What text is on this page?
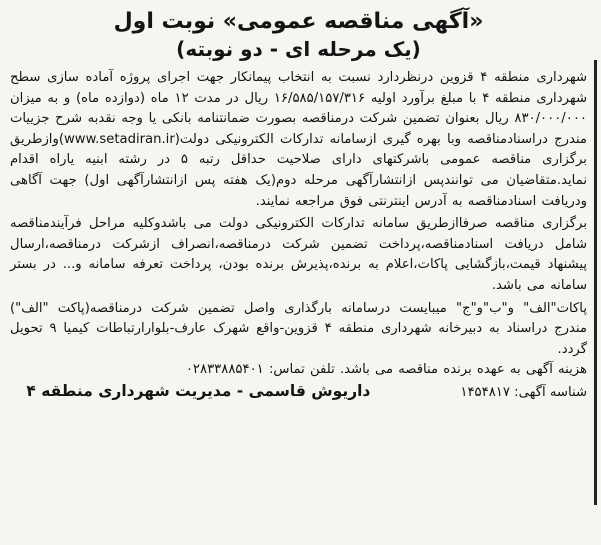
«آگهی مناقصه عمومی» نوبت اول
(یک مرحله ای - دو نوبته)

شهرداری منطقه ۴ قزوین درنظردارد نسبت به انتخاب پیمانکار جهت اجرای پروژه آماده سازی سطح شهرداری منطقه ۴ با مبلغ برآورد اولیه ۱۶/۵۸۵/۱۵۷/۳۱۶ ریال در مدت ۱۲ ماه (دوازده ماه) و به میزان ۸۳۰/۰۰۰/۰۰۰ ریال بعنوان تضمین شرکت درمناقصه بصورت ضمانتنامه بانکی یا وجه نقدبه شرح جزییات مندرج دراسنادمناقصه وبا بهره گیری ازسامانه تدارکات الکترونیکی دولت(www.setadiran.ir)وازطریق برگزاری مناقصه عمومی باشرکتهای دارای صلاحیت حداقل رتبه ۵ در رشته ابنیه یاراه اقدام نماید.متقاضیان می توانندپس ازانتشارآگهی مرحله دوم(یک هفته پس ازانتشارآگهی اول) جهت آگاهی ودریافت اسنادمناقصه به آدرس اینترنتی فوق مراجعه نمایند.

برگزاری مناقصه صرفاازطریق سامانه تدارکات الکترونیکی دولت می باشدوکلیه مراحل فرآیندمناقصه شامل دریافت اسنادمناقصه،پرداخت تضمین شرکت درمناقصه،انصراف ازشرکت درمناقصه،ارسال پیشنهاد قیمت،بازگشایی پاکات،اعلام به برنده،پذیرش برنده بودن، پرداخت تعرفه سامانه و... در بستر سامانه می باشد.

پاکات"الف" و"ب"و"ج" میبایست درسامانه بارگذاری واصل تضمین شرکت درمناقصه(پاکت "الف") مندرج دراسناد به دبیرخانه شهرداری منطقه ۴ قزوین-واقع شهرک عارف-بلوارارتباطات کیمیا ۹ تحویل گردد.

هزینه آگهی به عهده برنده مناقصه می باشد. تلفن تماس: ۰۲۸۳۳۸۸۵۴۰۱

شناسه آگهی: ۱۴۵۴۸۱۷
داریوش قاسمی - مدیریت شهرداری منطقه ۴
